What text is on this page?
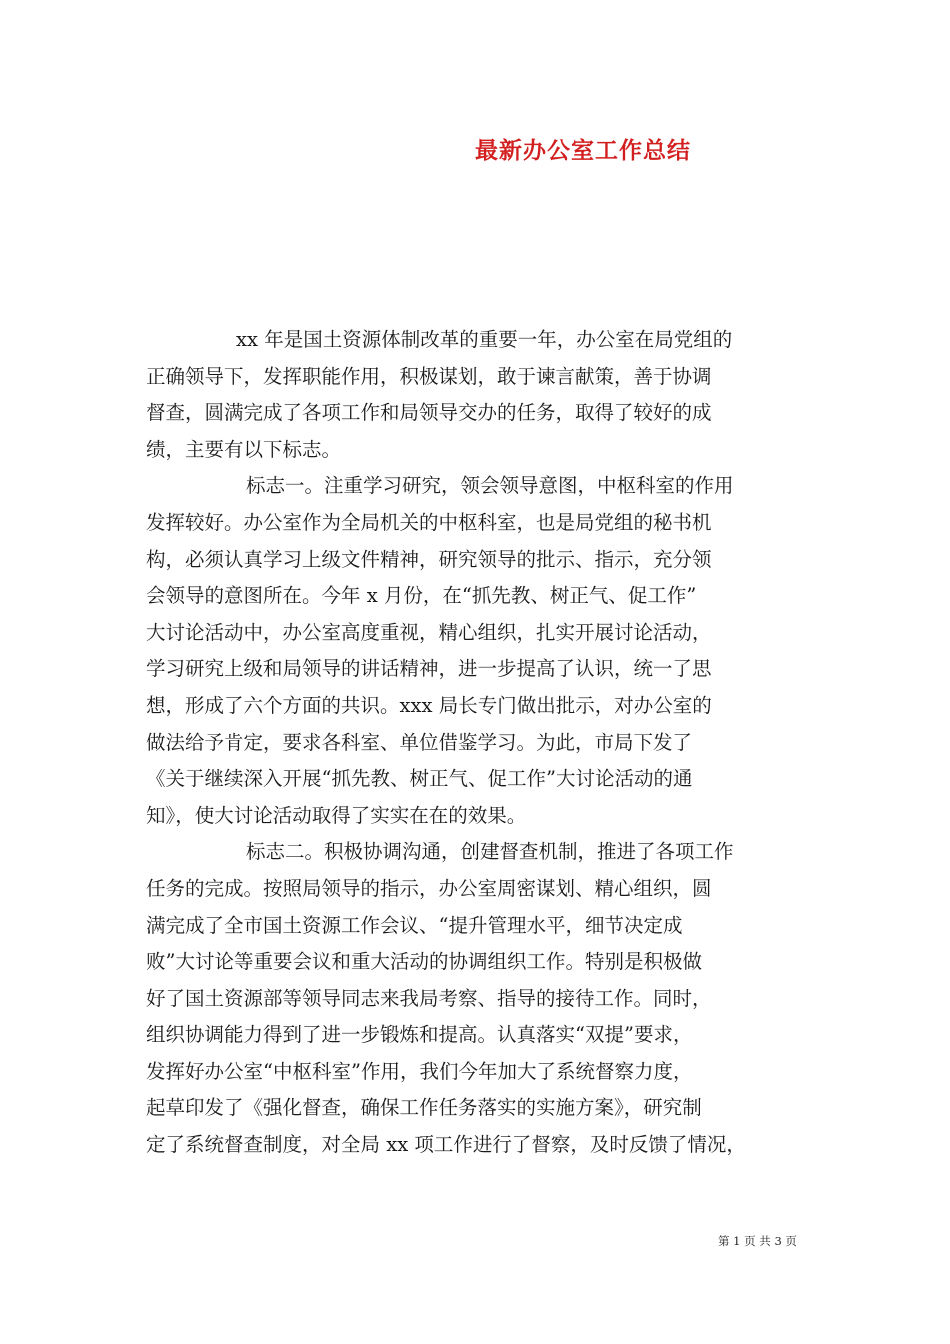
最新办公室工作总结

xx 年是国土资源体制改革的重要一年，办公室在局党组的
正确领导下，发挥职能作用，积极谋划，敢于谏言献策，善于协调
督查，圆满完成了各项工作和局领导交办的任务，取得了较好的成
绩，主要有以下标志。

标志一。注重学习研究，领会领导意图，中枢科室的作用
发挥较好。办公室作为全局机关的中枢科室，也是局党组的秘书机
构，必须认真学习上级文件精神，研究领导的批示、指示，充分领
会领导的意图所在。今年 x 月份，在“抓先教、树正气、促工作”
大讨论活动中，办公室高度重视，精心组织，扎实开展讨论活动，
学习研究上级和局领导的讲话精神，进一步提高了认识，统一了思
想，形成了六个方面的共识。xxx 局长专门做出批示，对办公室的
做法给予肯定，要求各科室、单位借鉴学习。为此，市局下发了
《关于继续深入开展“抓先教、树正气、促工作”大讨论活动的通
知》，使大讨论活动取得了实实在在的效果。

标志二。积极协调沟通，创建督查机制，推进了各项工作
任务的完成。按照局领导的指示，办公室周密谋划、精心组织，圆
满完成了全市国土资源工作会议、“提升管理水平，细节决定成
败”大讨论等重要会议和重大活动的协调组织工作。特别是积极做
好了国土资源部等领导同志来我局考察、指导的接待工作。同时，
组织协调能力得到了进一步锻炼和提高。认真落实“双提”要求，
发挥好办公室“中枢科室”作用，我们今年加大了系统督察力度，
起草印发了《强化督查，确保工作任务落实的实施方案》，研究制
定了系统督查制度，对全局 xx 项工作进行了督察，及时反馈了情况，

第 1 页 共 3 页
